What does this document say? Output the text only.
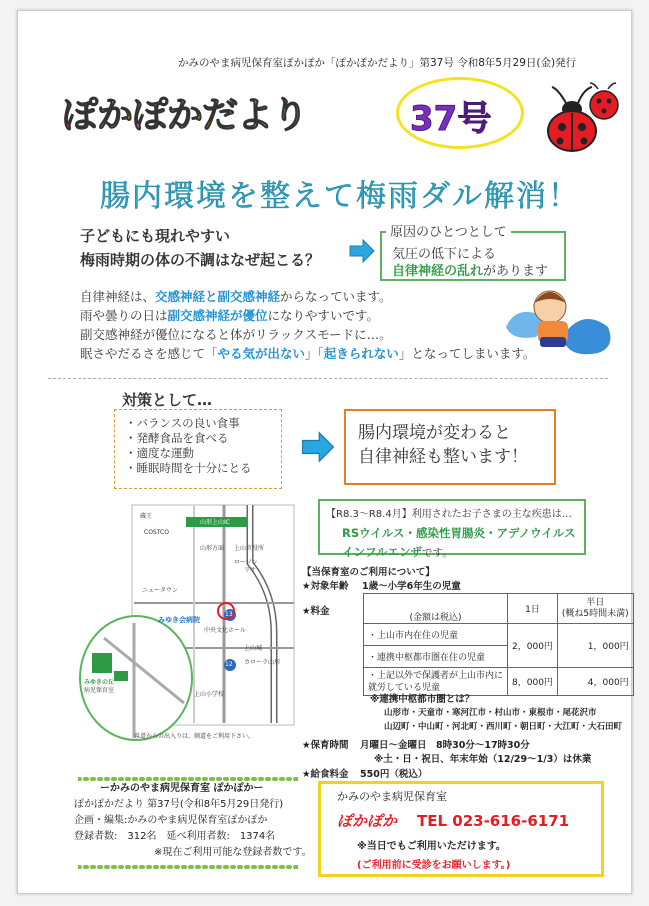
かみのやま病児保育室ぽかぽか「ぽかぽかだより」第37号 令和8年5月29日(金)発行
ぽかぽかだより	37号
腸内環境を整えて梅雨ダル解消！
子どもにも現れやすい
梅雨時期の体の不調はなぜ起こる？
原因のひとつとして
気圧の低下による
自律神経の乱れがあります
自律神経は、交感神経と副交感神経からなっています。
雨や曇りの日は副交感神経が優位になりやすいです。
副交感神経が優位になると体がリラックスモードに…。
眠さやだるさを感じて「やる気が出ない」「起きられない」となってしまいます。
対策として…
・バランスの良い食事
・発酵食品を食べる
・適度な運動
・睡眠時間を十分にとる
腸内環境が変わると
自律神経も整います！
蔵王
山形上山IC
COSTCO
山形方面 上山市役所
ローソン
リサ
ニュータウン
みゆき会病院
中央文化ホール
上山城
カローラ山形
上山小学校
県道からの出入りは、側道をご利用下さい。
みゆきの丘
病児保育室
13
12
【R8.3〜R8.4月】利用されたお子さまの主な疾患は…
RSウイルス・感染性胃腸炎・アデノウイルス
インフルエンザです。
【当保育室のご利用について】
★対象年齢 1歳～小学6年生の児童
★料金
(金額は税込)	1日	半日
(概ね5時間未満)
・上山市内在住の児童	2，000円	1，000円
・連携中枢都市圏在住の児童		
・上記以外で保護者が上山市内に
就労している児童	8，000円	4，000円
※連携中枢都市圏とは？
山形市・天童市・寒河江市・村山市・東根市・尾花沢市
山辺町・中山町・河北町・西川町・朝日町・大江町・大石田町
★保育時間 月曜日～金曜日　8時30分～17時30分
※土・日・祝日、年末年始（12/29～1/3）は休業
★給食料金 550円（税込）
ーかみのやま病児保育室 ぽかぽかー
ぽかぽかだより 第37号(令和8年5月29日発行)
企画・編集:かみのやま病児保育室ぽかぽか
登録者数:　312名　延べ利用者数:　1374名
※現在ご利用可能な登録者数です。
かみのやま病児保育室
ぽかぽか TEL 023-616-6171
※当日でもご利用いただけます。
(ご利用前に受診をお願いします。)
